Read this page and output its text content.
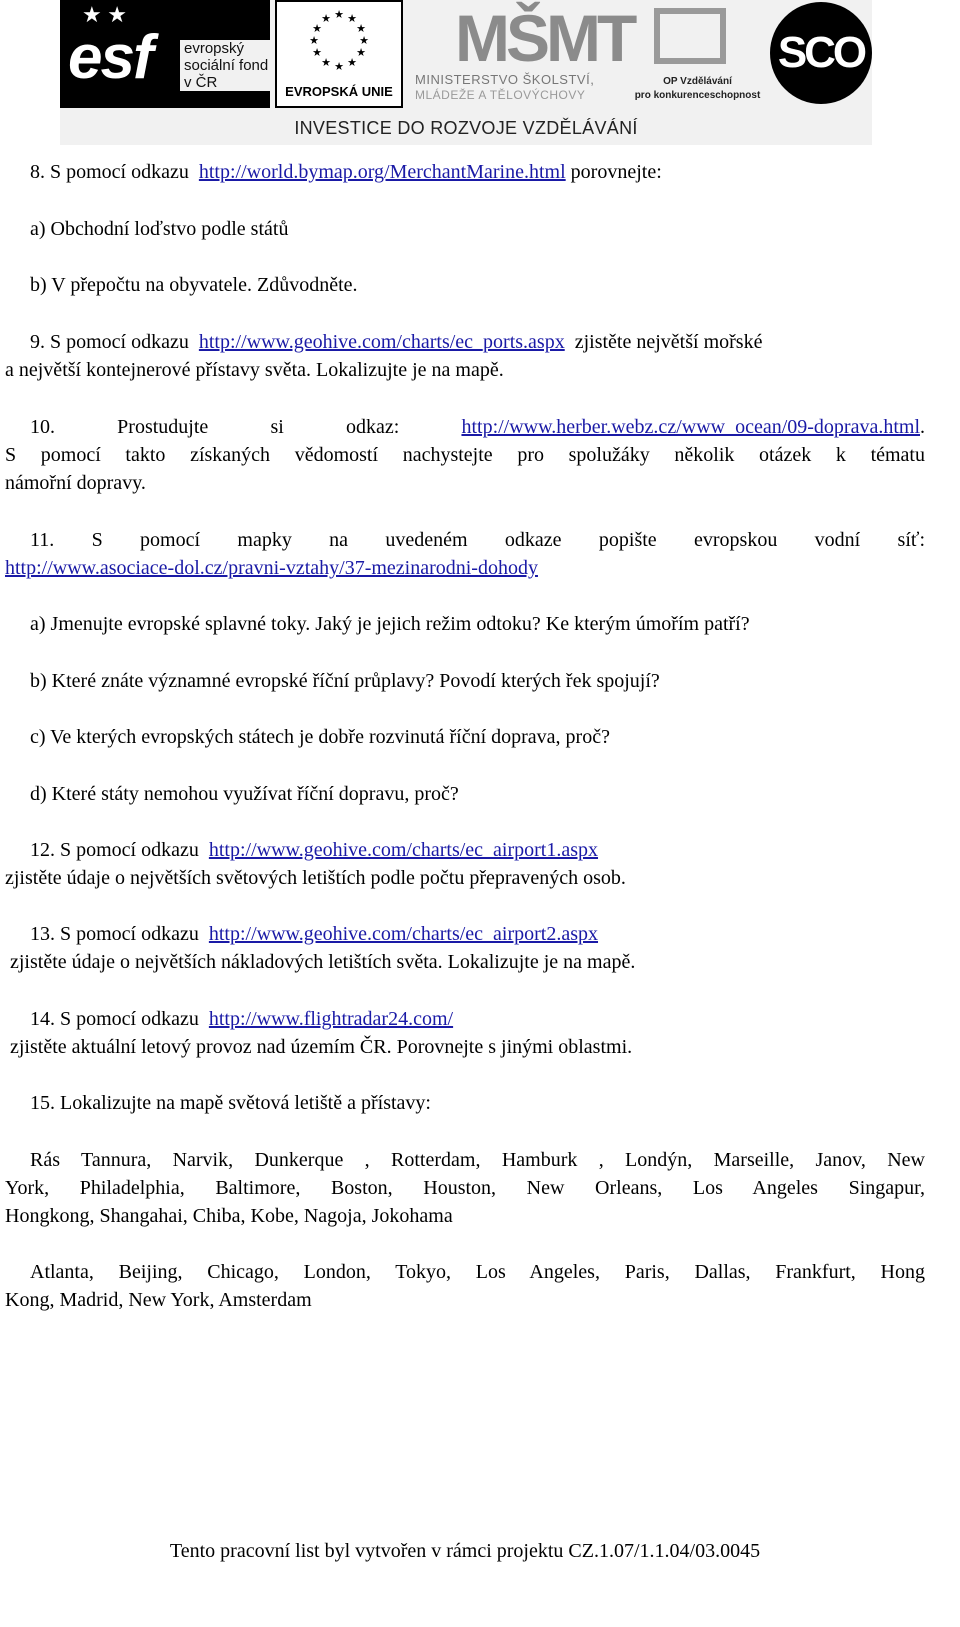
★ ★
esf evropský sociální fond v ČR
★ ★
★
★
★
★
★
★
★
★
★
★
EVROPSKÁ UNIE
MŠMT
MINISTERSTVO ŠKOLSTVÍ,
MLÁDEŽE A TĚLOVÝCHOVY
OP Vzdělávání
pro konkurenceschopnost
SCO
INVESTICE DO ROZVOJE VZDĚLÁVÁNÍ
8. S pomocí odkazu http://world.bymap.org/MerchantMarine.html porovnejte:
a) Obchodní loďstvo podle států
b) V přepočtu na obyvatele. Zdůvodněte.
9. S pomocí odkazu http://www.geohive.com/charts/ec_ports.aspx zjistěte největší mořské
a největší kontejnerové přístavy světa. Lokalizujte je na mapě.
10. Prostudujte si odkaz:	http://www.herber.webz.cz/www_ocean/09-doprava.html.
S pomocí takto získaných vědomostí nachystejte pro spolužáky několik otázek k tématu
námořní dopravy.
11. S pomocí mapky na uvedeném odkaze popište evropskou vodní síť:
http://www.asociace-dol.cz/pravni-vztahy/37-mezinarodni-dohody
a) Jmenujte evropské splavné toky. Jaký je jejich režim odtoku? Ke kterým úmořím patří?
b) Které znáte významné evropské říční průplavy? Povodí kterých řek spojují?
c) Ve kterých evropských státech je dobře rozvinutá říční doprava, proč?
d) Které státy nemohou využívat říční dopravu, proč?
12. S pomocí odkazu http://www.geohive.com/charts/ec_airport1.aspx
zjistěte údaje o největších světových letištích podle počtu přepravených osob.
13. S pomocí odkazu http://www.geohive.com/charts/ec_airport2.aspx
zjistěte údaje o největších nákladových letištích světa. Lokalizujte je na mapě.
14. S pomocí odkazu http://www.flightradar24.com/
zjistěte aktuální letový provoz nad územím ČR. Porovnejte s jinými oblastmi.
15. Lokalizujte na mapě světová letiště a přístavy:
Rás Tannura, Narvik, Dunkerque , Rotterdam, Hamburk , Londýn, Marseille, Janov, New
York, Philadelphia, Baltimore, Boston, Houston, New Orleans, Los Angeles Singapur,
Hongkong, Shangahai, Chiba, Kobe, Nagoja, Jokohama
Atlanta, Beijing, Chicago, London, Tokyo, Los Angeles, Paris, Dallas, Frankfurt, Hong
Kong, Madrid, New York, Amsterdam
Tento pracovní list byl vytvořen v rámci projektu CZ.1.07/1.1.04/03.0045
